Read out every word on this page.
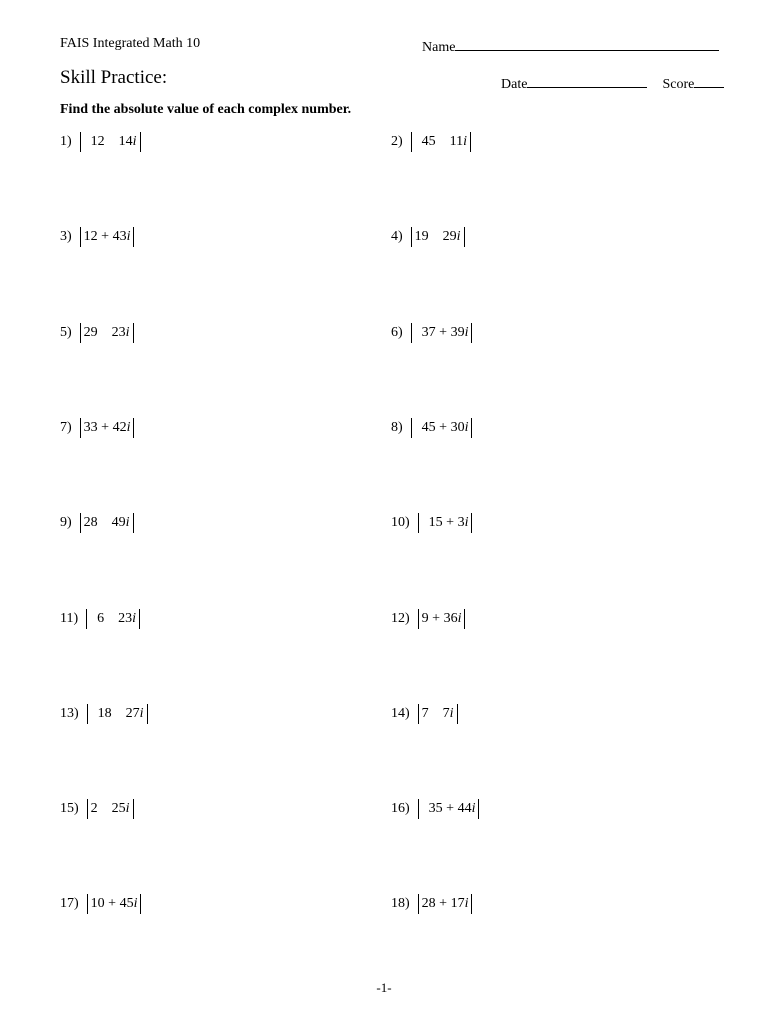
FAIS Integrated Math 10	Name
Skill Practice:	Date	Score
Find the absolute value of each complex number.
1)  12    14i	2)  45    11i
3) 12 + 43i	4) 19    29i
5) 29    23i	6)  37 + 39i
7) 33 + 42i	8)  45 + 30i
9) 28    49i	10)  15 + 3i
11)  6    23i	12) 9 + 36i
13)  18    27i	14) 7    7i
15) 2    25i	16)  35 + 44i
17) 10 + 45i	18) 28 + 17i
-1-
